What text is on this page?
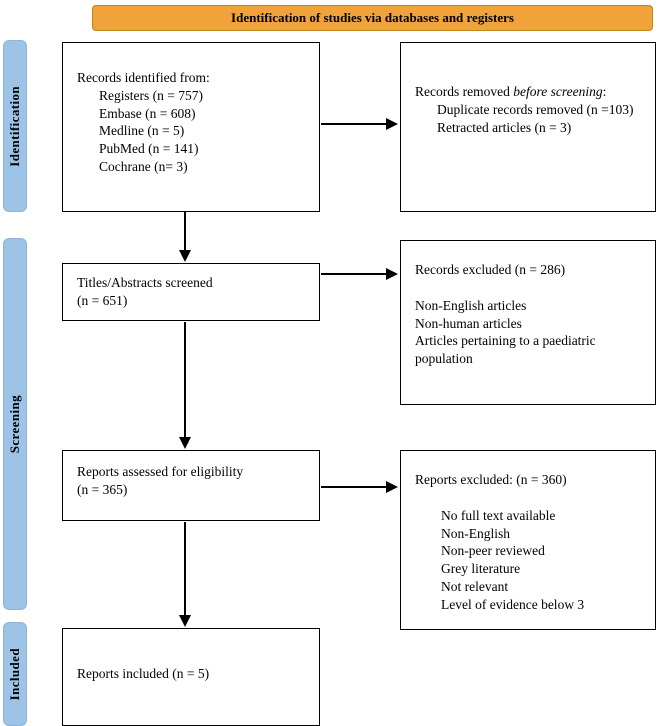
Identification of studies via databases and registers
Identification
Screening
Included
Records identified from:
Registers (n = 757)
Embase (n = 608)
Medline (n = 5)
PubMed (n = 141)
Cochrane (n= 3)
Records removed before screening:
Duplicate records removed (n =103)
Retracted articles (n = 3)
Titles/Abstracts screened
(n = 651)
Records excluded (n = 286)
Non-English articles
Non-human articles
Articles pertaining to a paediatric population
Reports assessed for eligibility
(n = 365)
Reports excluded: (n = 360)
No full text available
Non-English
Non-peer reviewed
Grey literature
Not relevant
Level of evidence below 3
Reports included (n = 5)
